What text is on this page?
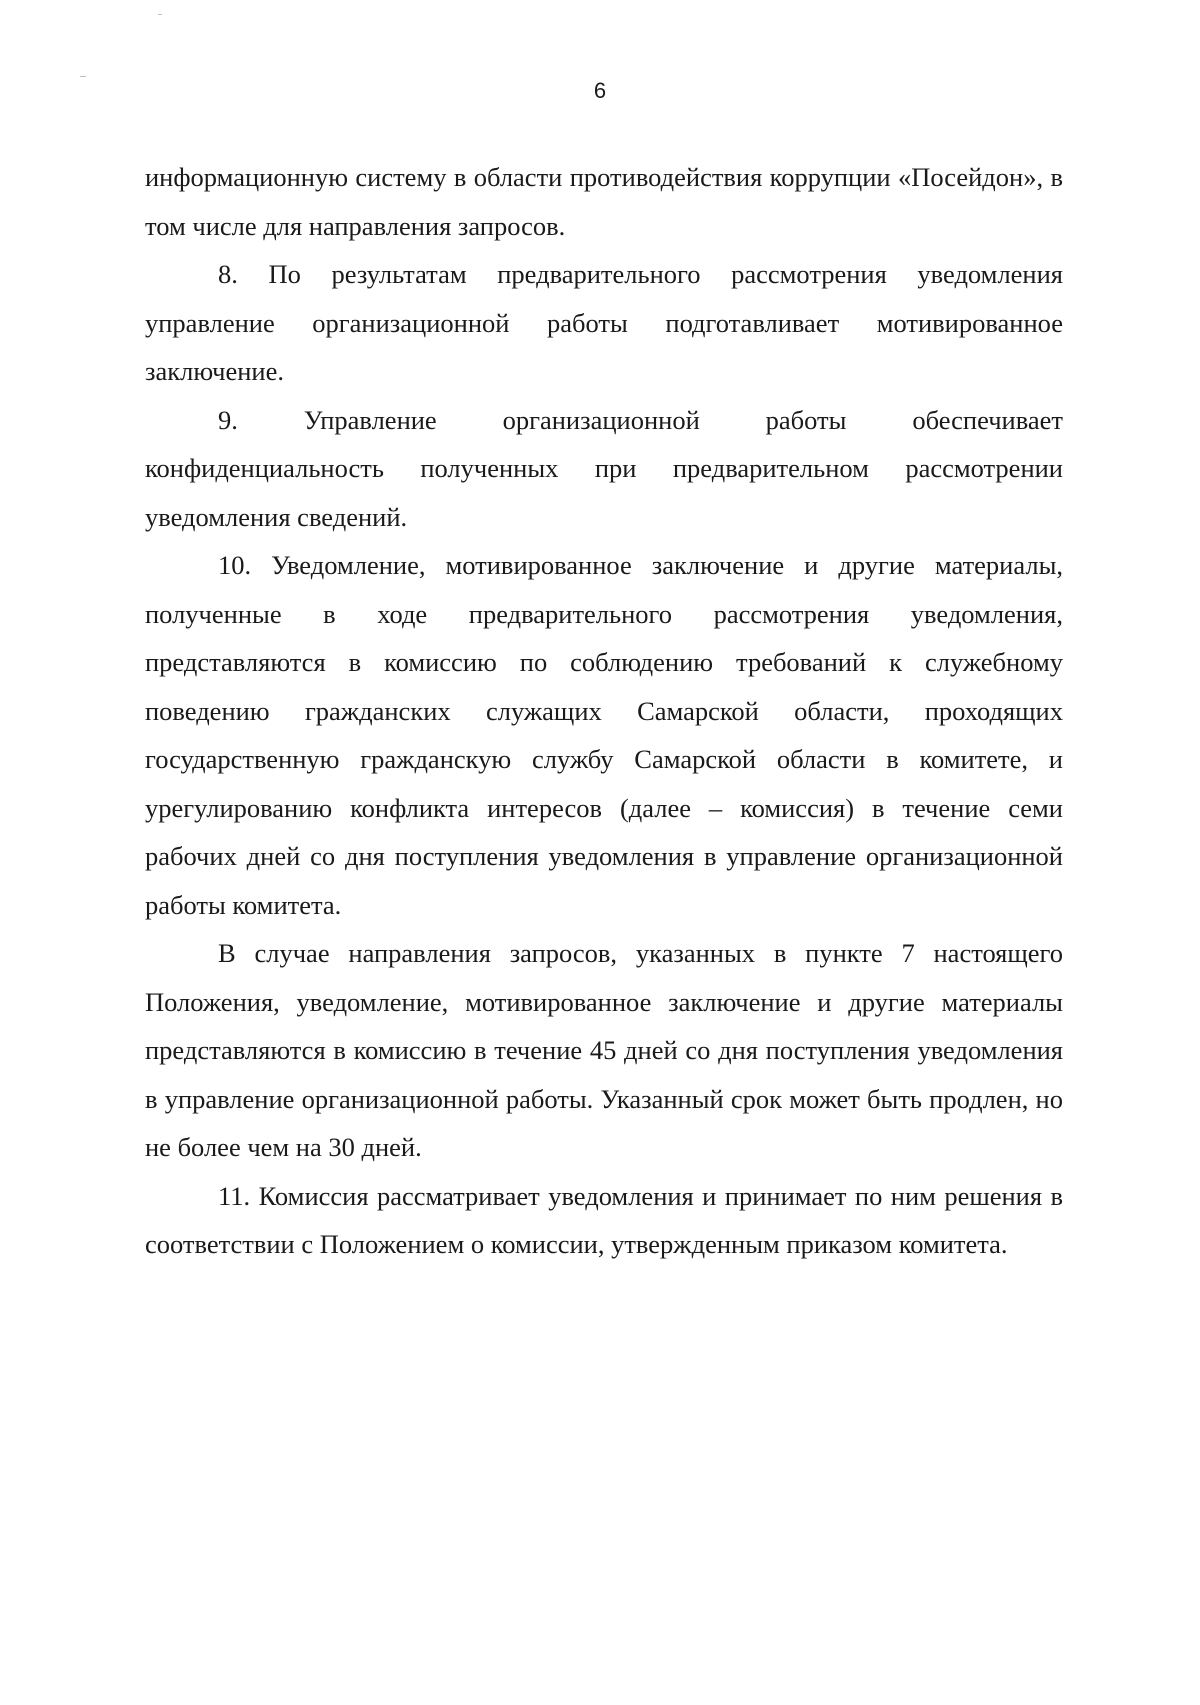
6

информационную систему в области противодействия коррупции «Посейдон», в том числе для направления запросов.

8. По результатам предварительного рассмотрения уведомления управление организационной работы подготавливает мотивированное заключение.

9. Управление организационной работы обеспечивает конфиденциальность полученных при предварительном рассмотрении уведомления сведений.

10. Уведомление, мотивированное заключение и другие материалы, полученные в ходе предварительного рассмотрения уведомления, представляются в комиссию по соблюдению требований к служебному поведению гражданских служащих Самарской области, проходящих государственную гражданскую службу Самарской области в комитете, и урегулированию конфликта интересов (далее – комиссия) в течение семи рабочих дней со дня поступления уведомления в управление организационной работы комитета.

В случае направления запросов, указанных в пункте 7 настоящего Положения, уведомление, мотивированное заключение и другие материалы представляются в комиссию в течение 45 дней со дня поступления уведомления в управление организационной работы. Указанный срок может быть продлен, но не более чем на 30 дней.

11. Комиссия рассматривает уведомления и принимает по ним решения в соответствии с Положением о комиссии, утвержденным приказом комитета.
